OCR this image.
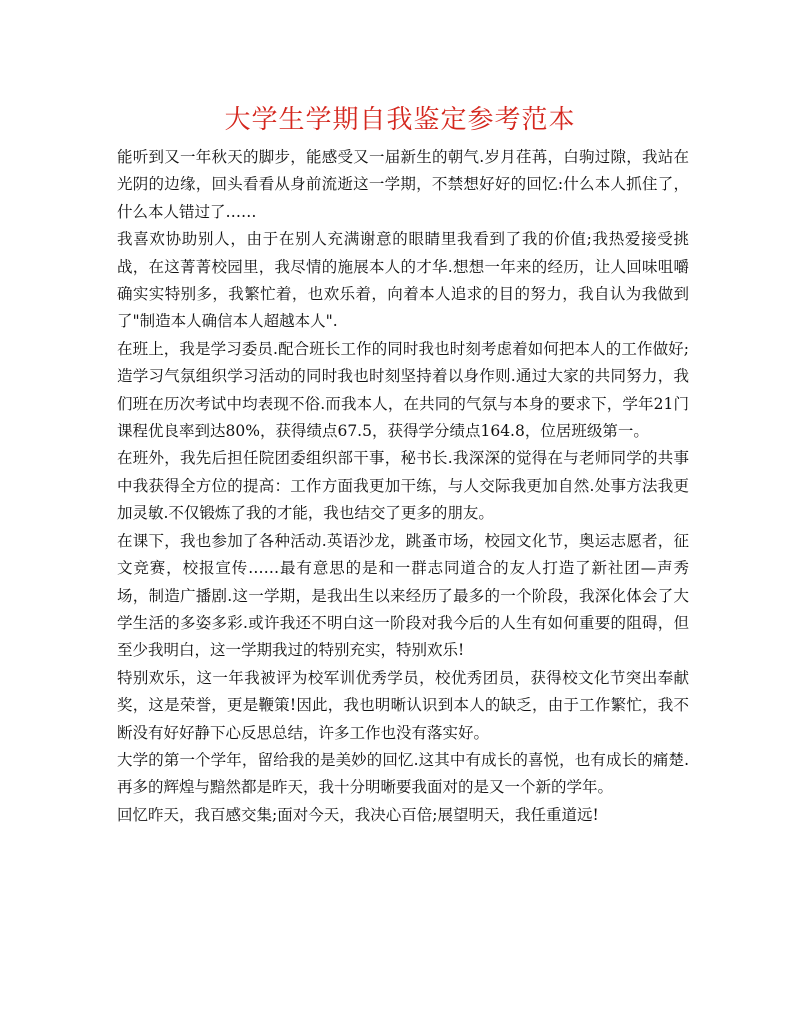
大学生学期自我鉴定参考范本

能听到又一年秋天的脚步，能感受又一届新生的朝气.岁月荏苒，白驹过隙，我站在光阴的边缘，回头看看从身前流逝这一学期，不禁想好好的回忆:什么本人抓住了，什么本人错过了……

我喜欢协助别人，由于在别人充满谢意的眼睛里我看到了我的价值;我热爱接受挑战，在这菁菁校园里，我尽情的施展本人的才华.想想一年来的经历，让人回味咀嚼确实实特别多，我繁忙着，也欢乐着，向着本人追求的目的努力，我自认为我做到了"制造本人确信本人超越本人".

在班上，我是学习委员.配合班长工作的同时我也时刻考虑着如何把本人的工作做好;造学习气氛组织学习活动的同时我也时刻坚持着以身作则.通过大家的共同努力，我们班在历次考试中均表现不俗.而我本人，在共同的气氛与本身的要求下，学年21门课程优良率到达80%，获得绩点67.5，获得学分绩点164.8，位居班级第一。

在班外，我先后担任院团委组织部干事，秘书长.我深深的觉得在与老师同学的共事中我获得全方位的提高：工作方面我更加干练，与人交际我更加自然.处事方法我更加灵敏.不仅锻炼了我的才能，我也结交了更多的朋友。

在课下，我也参加了各种活动.英语沙龙，跳蚤市场，校园文化节，奥运志愿者，征文竞赛，校报宣传……最有意思的是和一群志同道合的友人打造了新社团—声秀场，制造广播剧.这一学期，是我出生以来经历了最多的一个阶段，我深化体会了大学生活的多姿多彩.或许我还不明白这一阶段对我今后的人生有如何重要的阻碍，但至少我明白，这一学期我过的特别充实，特别欢乐!

特别欢乐，这一年我被评为校军训优秀学员，校优秀团员，获得校文化节突出奉献奖，这是荣誉，更是鞭策!因此，我也明晰认识到本人的缺乏，由于工作繁忙，我不断没有好好静下心反思总结，许多工作也没有落实好。

大学的第一个学年，留给我的是美妙的回忆.这其中有成长的喜悦，也有成长的痛楚.再多的辉煌与黯然都是昨天，我十分明晰要我面对的是又一个新的学年。

回忆昨天，我百感交集;面对今天，我决心百倍;展望明天，我任重道远!
